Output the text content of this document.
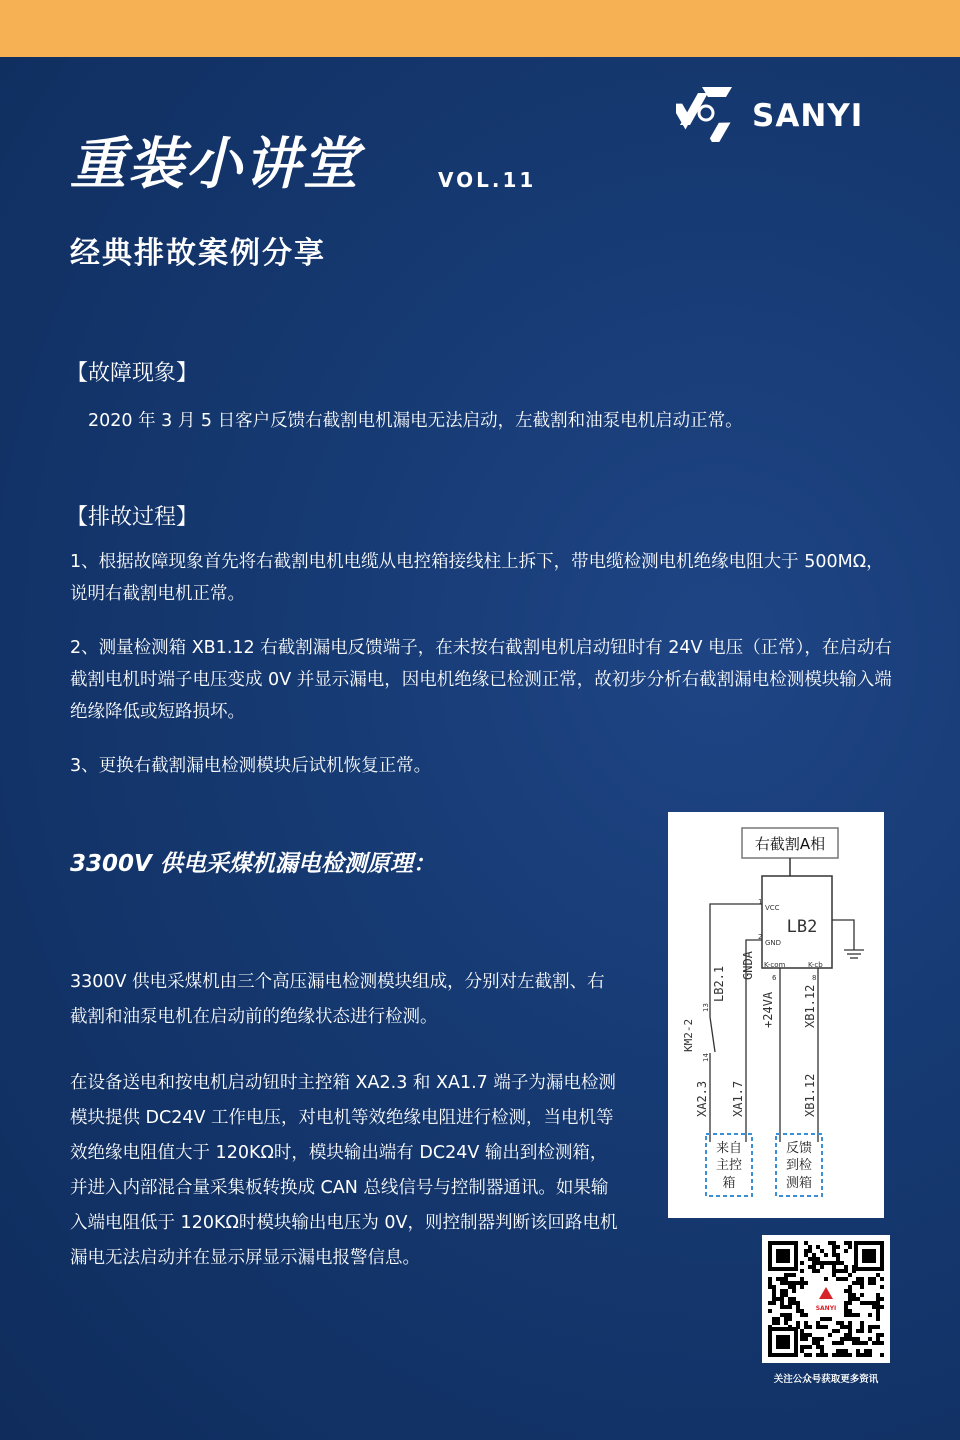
SANYI
重装小讲堂	VOL.11
经典排故案例分享
【故障现象】
2020 年 3 月 5 日客户反馈右截割电机漏电无法启动，左截割和油泵电机启动正常。
【排故过程】
1、根据故障现象首先将右截割电机电缆从电控箱接线柱上拆下，带电缆检测电机绝缘电阻大于 500MΩ，说明右截割电机正常。
2、测量检测箱 XB1.12 右截割漏电反馈端子，在未按右截割电机启动钮时有 24V 电压（正常），在启动右截割电机时端子电压变成 0V 并显示漏电，因电机绝缘已检测正常，故初步分析右截割漏电检测模块输入端绝缘降低或短路损坏。
3、更换右截割漏电检测模块后试机恢复正常。
3300V 供电采煤机漏电检测原理：
3300V 供电采煤机由三个高压漏电检测模块组成，分别对左截割、右截割和油泵电机在启动前的绝缘状态进行检测。
在设备送电和按电机启动钮时主控箱 XA2.3 和 XA1.7 端子为漏电检测模块提供 DC24V 工作电压，对电机等效绝缘电阻进行检测，当电机等效绝缘电阻值大于 120KΩ时，模块输出端有 DC24V 输出到检测箱，并进入内部混合量采集板转换成 CAN 总线信号与控制器通讯。如果输入端电阻低于 120KΩ时模块输出电压为 0V，则控制器判断该回路电机漏电无法启动并在显示屏显示漏电报警信息。
右截割A相
LB2
VCC
GND
K-com	K-cb
1
2
6	8
LB2.1
GNDA
+24VA XB1.12
KM2-2
13
14
XA2.3 XA1.7	XB1.12
来自
主控
箱
反馈
到检
测箱
SANYI
关注公众号获取更多资讯
